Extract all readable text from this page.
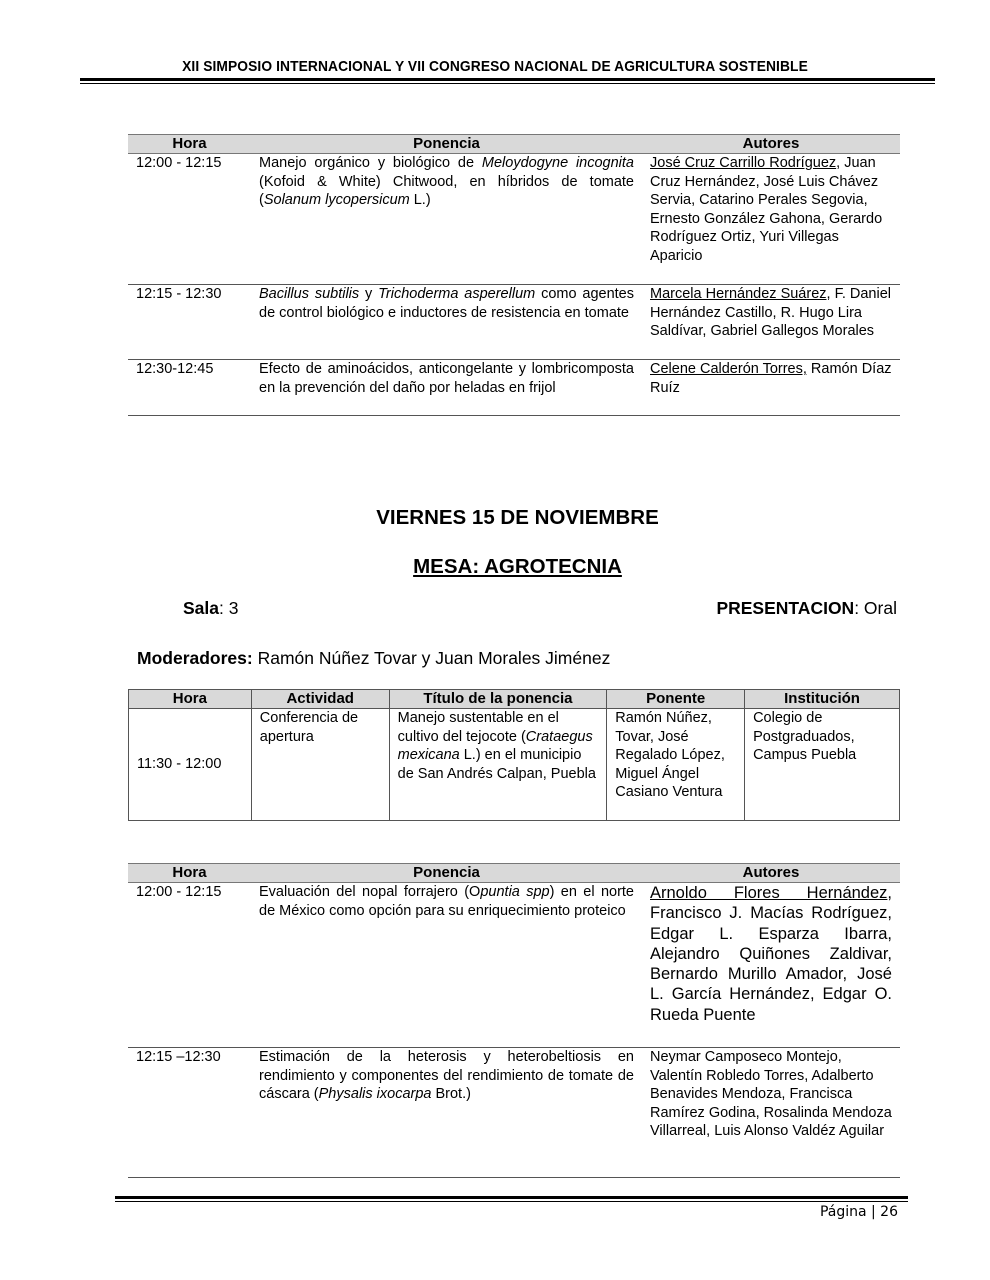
XII SIMPOSIO INTERNACIONAL Y VII CONGRESO NACIONAL DE AGRICULTURA SOSTENIBLE
Hora	Ponencia	Autores
12:00 - 12:15	Manejo orgánico y biológico de Meloydogyne incognita (Kofoid & White) Chitwood, en híbridos de tomate (Solanum lycopersicum L.)	José Cruz Carrillo Rodríguez, Juan Cruz Hernández, José Luis Chávez Servia, Catarino Perales Segovia, Ernesto González Gahona, Gerardo Rodríguez Ortiz, Yuri Villegas Aparicio
12:15 - 12:30	Bacillus subtilis y Trichoderma asperellum como agentes de control biológico e inductores de resistencia en tomate	Marcela Hernández Suárez, F. Daniel Hernández Castillo, R. Hugo Lira Saldívar, Gabriel Gallegos Morales
12:30-12:45	Efecto de aminoácidos, anticongelante y lombricomposta en la prevención del daño por heladas en frijol	Celene Calderón Torres, Ramón Díaz Ruíz
VIERNES 15 DE NOVIEMBRE
MESA: AGROTECNIA
Sala: 3	PRESENTACION: Oral
Moderadores: Ramón Núñez Tovar y Juan Morales Jiménez
Hora	Actividad	Título de la ponencia	Ponente	Institución
11:30 - 12:00	Conferencia de apertura	Manejo sustentable en el cultivo del tejocote (Crataegus mexicana L.) en el municipio de San Andrés Calpan, Puebla	Ramón Núñez, Tovar, José Regalado López, Miguel Ángel Casiano Ventura	Colegio de Postgraduados, Campus Puebla
Hora	Ponencia	Autores
12:00 - 12:15	Evaluación del nopal forrajero (Opuntia spp) en el norte de México como opción para su enriquecimiento proteico	Arnoldo Flores Hernández, Francisco J. Macías Rodríguez, Edgar L. Esparza Ibarra, Alejandro Quiñones Zaldivar, Bernardo Murillo Amador, José L. García Hernández, Edgar O. Rueda Puente
12:15 –12:30	Estimación de la heterosis y heterobeltiosis en rendimiento y componentes del rendimiento de tomate de cáscara (Physalis ixocarpa Brot.)	Neymar Camposeco Montejo, Valentín Robledo Torres, Adalberto Benavides Mendoza, Francisca Ramírez Godina, Rosalinda Mendoza Villarreal, Luis Alonso Valdéz Aguilar
Página | 26
